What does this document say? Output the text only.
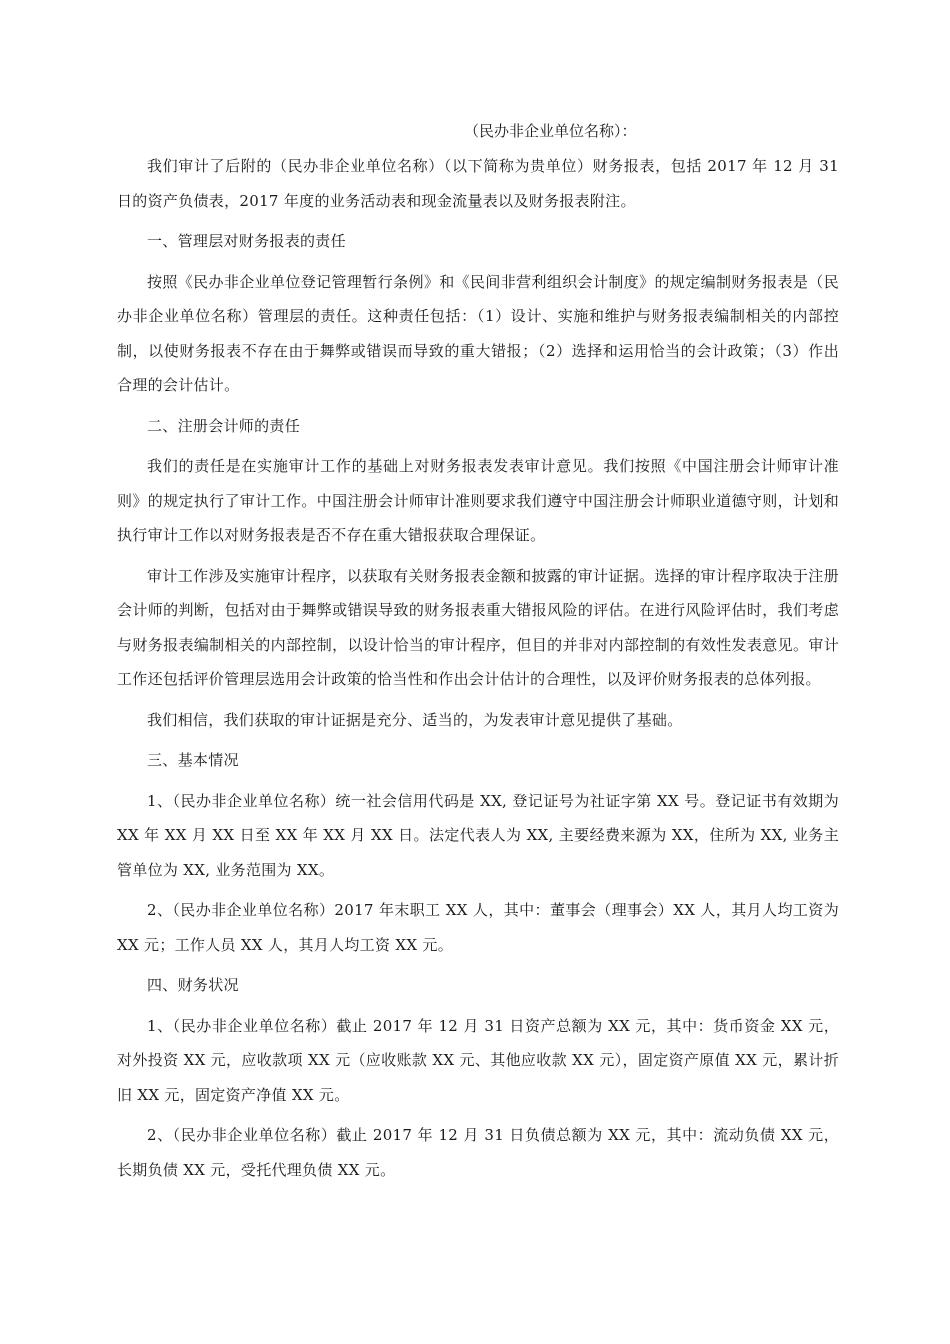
（民办非企业单位名称）：

我们审计了后附的（民办非企业单位名称）（以下简称为贵单位）财务报表，包括 2017 年 12 月 31 日的资产负债表，2017 年度的业务活动表和现金流量表以及财务报表附注。

一、管理层对财务报表的责任

按照《民办非企业单位登记管理暂行条例》和《民间非营利组织会计制度》的规定编制财务报表是（民办非企业单位名称）管理层的责任。这种责任包括：（1）设计、实施和维护与财务报表编制相关的内部控制，以使财务报表不存在由于舞弊或错误而导致的重大错报；（2）选择和运用恰当的会计政策；（3）作出合理的会计估计。

二、注册会计师的责任

我们的责任是在实施审计工作的基础上对财务报表发表审计意见。我们按照《中国注册会计师审计准则》的规定执行了审计工作。中国注册会计师审计准则要求我们遵守中国注册会计师职业道德守则，计划和执行审计工作以对财务报表是否不存在重大错报获取合理保证。

审计工作涉及实施审计程序，以获取有关财务报表金额和披露的审计证据。选择的审计程序取决于注册会计师的判断，包括对由于舞弊或错误导致的财务报表重大错报风险的评估。在进行风险评估时，我们考虑与财务报表编制相关的内部控制，以设计恰当的审计程序，但目的并非对内部控制的有效性发表意见。审计工作还包括评价管理层选用会计政策的恰当性和作出会计估计的合理性，以及评价财务报表的总体列报。

我们相信，我们获取的审计证据是充分、适当的，为发表审计意见提供了基础。

三、基本情况

1、（民办非企业单位名称）统一社会信用代码是 XX, 登记证号为社证字第 XX 号。登记证书有效期为 XX 年 XX 月 XX 日至 XX 年 XX 月 XX 日。法定代表人为 XX, 主要经费来源为 XX，住所为 XX, 业务主管单位为 XX, 业务范围为 XX。

2、（民办非企业单位名称）2017 年末职工 XX 人，其中：董事会（理事会）XX 人，其月人均工资为 XX 元；工作人员 XX 人，其月人均工资 XX 元。

四、财务状况

1、（民办非企业单位名称）截止 2017 年 12 月 31 日资产总额为 XX 元，其中：货币资金 XX 元，对外投资 XX 元，应收款项 XX 元（应收账款 XX 元、其他应收款 XX 元），固定资产原值 XX 元，累计折旧 XX 元，固定资产净值 XX 元。

2、（民办非企业单位名称）截止 2017 年 12 月 31 日负债总额为 XX 元，其中：流动负债 XX 元，长期负债 XX 元，受托代理负债 XX 元。
